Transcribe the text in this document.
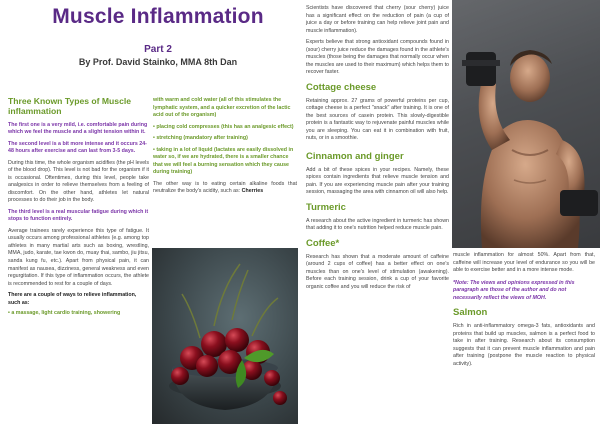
Muscle Inflammation
Part 2
By Prof. David Stainko, MMA 8th Dan
Three Known Types of Muscle inflammation

The first one is a very mild, i.e. comfortable pain during which we feel the muscle and a slight tension within it.

The second level is a bit more intense and it occurs 24-48 hours after exercise and can last from 3-5 days.

During this time, the whole organism acidifies (the pH levels of the blood drop). This level is not bad for the organism if it is occasional. Oftentimes, during this level, people take analgesics in order to relieve themselves from a feeling of discomfort. On the other hand, athletes let natural processes to do their job in the body.

The third level is a real muscular fatigue during which it stops to function entirely.

Average trainees rarely experience this type of fatigue. It usually occurs among professional athletes (e.g. among top athletes in many martial arts such as boxing, wrestling, MMA, judo, karate, tae kwon do, muay thai, sambo, jiu jitsu, sanda kung fu, etc.). Apart from physical pain, it can manifest as nausea, dizziness, general weakness and even regurgitation. If this type of inflammation occurs, the athlete is recommended to rest for a couple of days.

There are a couple of ways to relieve inflammation, such as:

• a massage, light cardio training, showering

with warm and cold water (all of this stimulates the lymphatic system, and a quicker excretion of the lactic acid out of the organism)

• placing cold compresses (this has an analgesic effect)

• stretching (mandatory after training)

• taking in a lot of liquid (lactates are easily dissolved in water so, if we are hydrated, there is a smaller chance that we will feel a burning sensation which they cause during training)

The other way is to eating certain alkaline foods that neutralize the body's acidity, such as: Cherries

Scientists have discovered that cherry (sour cherry) juice has a significant effect on the reduction of pain (a cup of juice a day or before training can help relieve joint pain and muscle inflammation).

Experts believe that strong antioxidant compounds found in (sour) cherry juice reduce the damages found in the athlete's muscles (those being the damages that normally occur when the muscles are used to their maximum) which helps them to recover faster.

Cottage cheese

Retaining approx. 27 grams of powerful proteins per cup, cottage cheese is a perfect "snack" after training. It is one of the best sources of casein protein. This slowly-digestible protein is a fantastic way to rejuvenate painful muscles while you are sleeping. You can eat it in combination with fruit, nuts, or in a smoothie.

Cinnamon and ginger

Add a bit of these spices in your recipes. Namely, these spices contain ingredients that relieve muscle tension and pain. If you are experiencing muscle pain after your training session, massaging the area with cinnamon oil will also help.

Turmeric

A research about the active ingredient in turmeric has shown that adding it to one's nutrition helped reduce muscle pain.

Coffee*

Research has shown that a moderate amount of caffeine (around 2 cups of coffee) has a better effect on one's muscles than on one's level of stimulation (awakening). Before each training session, drink a cup of your favorite organic coffee and you will reduce the risk of

muscle inflammation for almost 50%. Apart from that, caffeine will increase your level of endurance so you will be able to exercise better and in a more intense mode.

*Note: The views and opinions expressed in this paragraph are those of the author and do not necessarily reflect the views of MOH.

Salmon

Rich in anti-inflammatory omega-3 fats, antioxidants and proteins that build up muscles, salmon is a perfect food to take in after training. Research about its consumption suggests that it can prevent muscle inflammation and pain after training (postpone the muscle reaction to physical activity).
